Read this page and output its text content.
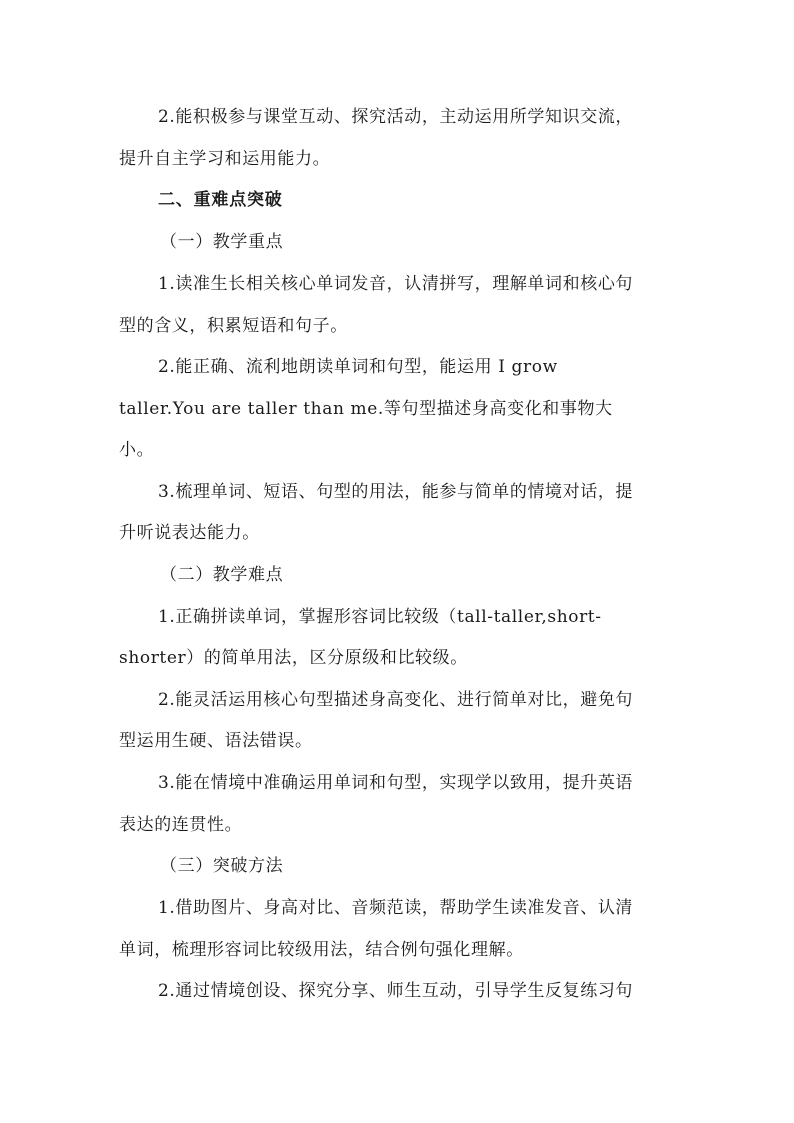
2.能积极参与课堂互动、探究活动，主动运用所学知识交流，
提升自主学习和运用能力。
二、重难点突破
（一）教学重点
1.读准生长相关核心单词发音，认清拼写，理解单词和核心句
型的含义，积累短语和句子。
2.能正确、流利地朗读单词和句型，能运用 I grow
taller.You are taller than me.等句型描述身高变化和事物大
小。
3.梳理单词、短语、句型的用法，能参与简单的情境对话，提
升听说表达能力。
（二）教学难点
1.正确拼读单词，掌握形容词比较级（tall-taller,short-
shorter）的简单用法，区分原级和比较级。
2.能灵活运用核心句型描述身高变化、进行简单对比，避免句
型运用生硬、语法错误。
3.能在情境中准确运用单词和句型，实现学以致用，提升英语
表达的连贯性。
（三）突破方法
1.借助图片、身高对比、音频范读，帮助学生读准发音、认清
单词，梳理形容词比较级用法，结合例句强化理解。
2.通过情境创设、探究分享、师生互动，引导学生反复练习句
